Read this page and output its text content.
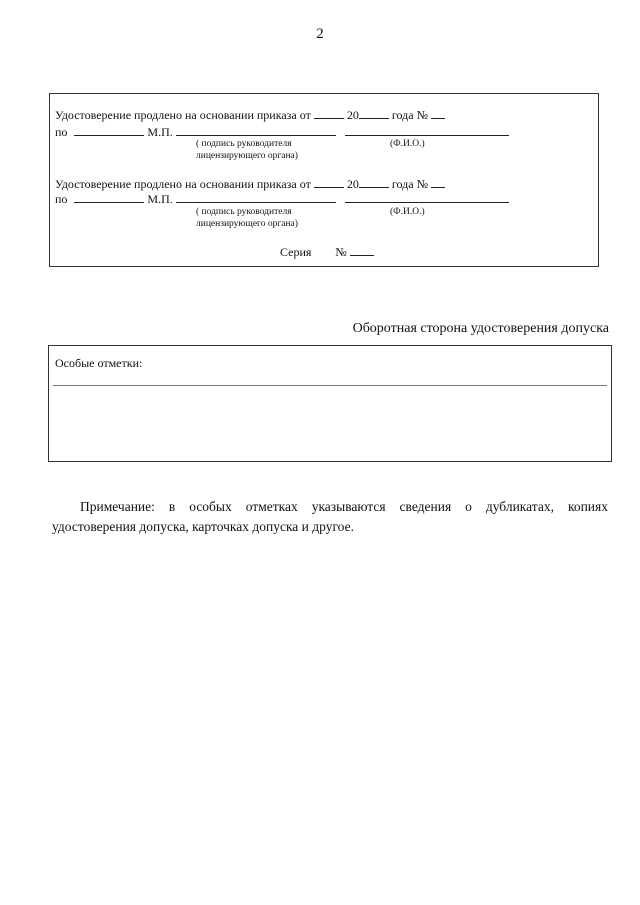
2
Удостоверение продлено на основании приказа от	20	года №
по	М.П.
( подпись руководителя
лицензирующего органа)
(Ф.И.О.)
Удостоверение продлено на основании приказа от	20	года №
по	М.П.
( подпись руководителя
лицензирующего органа)
(Ф.И.О.)
Серия №
Оборотная сторона удостоверения допуска
Особые отметки:
Примечание: в особых отметках указываются сведения о дубликатах, копиях удостоверения допуска, карточках допуска и другое.
